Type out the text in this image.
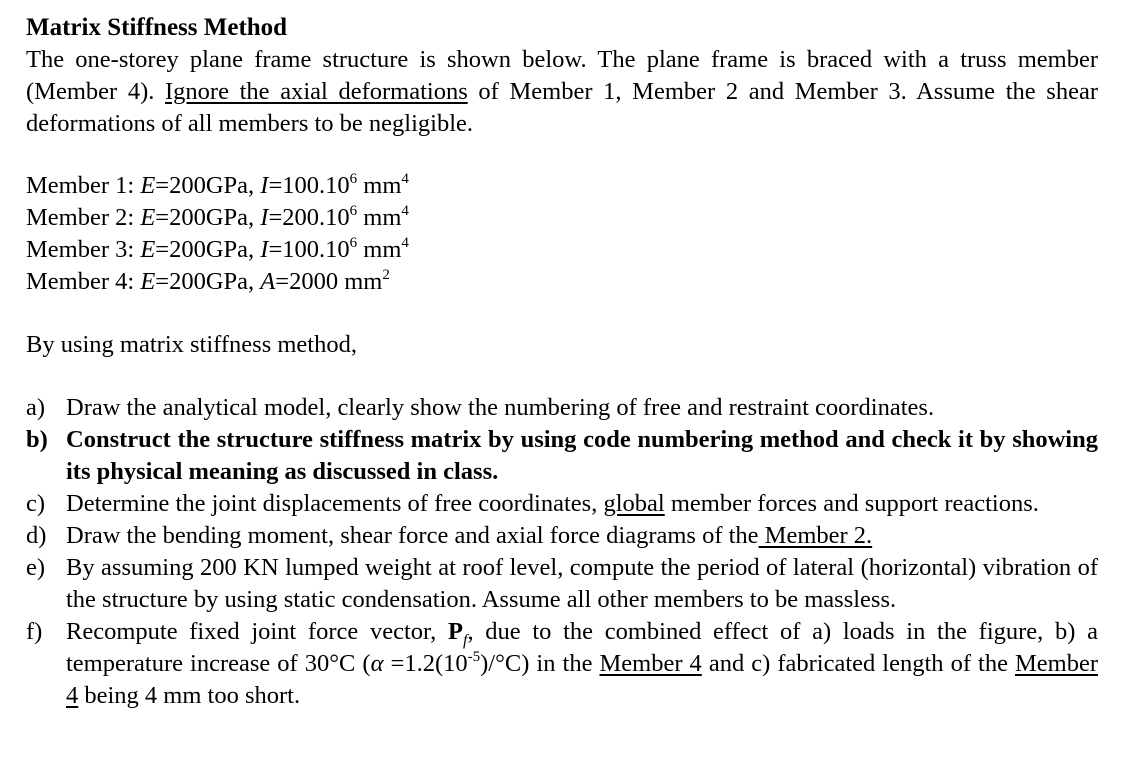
Matrix Stiffness Method
The one-storey plane frame structure is shown below. The plane frame is braced with a truss member (Member 4). Ignore the axial deformations of Member 1, Member 2 and Member 3. Assume the shear deformations of all members to be negligible.
Member 1: E=200GPa, $I=100.10^6$ $mm^4$
Member 2: E=200GPa, $I=200.10^6$ $mm^4$
Member 3: E=200GPa, $I=100.10^6$ $mm^4$
Member 4: E=200GPa, A=2000 $mm^2$
By using matrix stiffness method,
a) Draw the analytical model, clearly show the numbering of free and restraint coordinates.
b) Construct the structure stiffness matrix by using code numbering method and check it by showing its physical meaning as discussed in class.
c) Determine the joint displacements of free coordinates, global member forces and support reactions.
d) Draw the bending moment, shear force and axial force diagrams of the Member 2.
e) By assuming 200 KN lumped weight at roof level, compute the period of lateral (horizontal) vibration of the structure by using static condensation. Assume all other members to be massless.
f) Recompute fixed joint force vector, $P_f$, due to the combined effect of a) loads in the figure, b) a temperature increase of 30°C $(\alpha =1.2(10^{-5})/^\circ C)$ in the Member 4 and c) fabricated length of the Member 4 being 4 mm too short.
